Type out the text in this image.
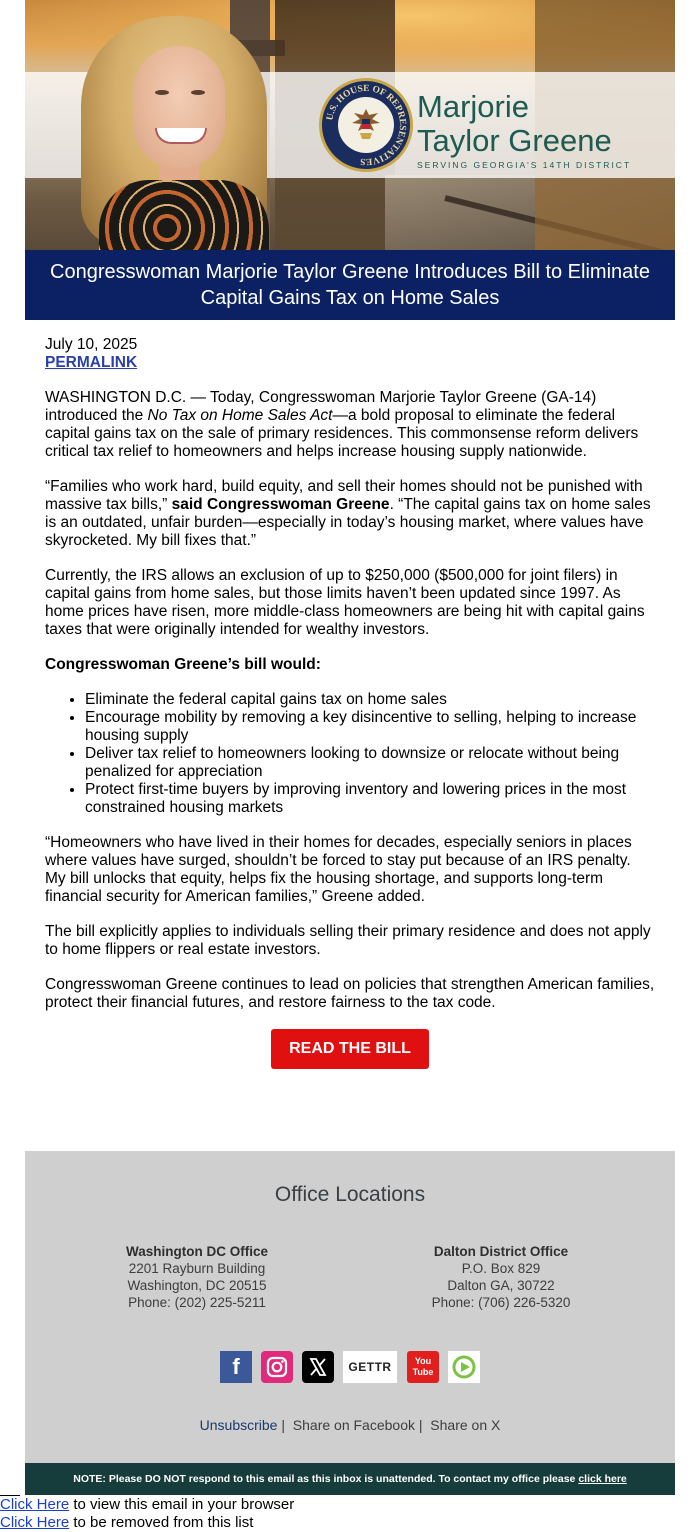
U.S. HOUSE OF REPRESENTATIVES
Marjorie
Taylor Greene
SERVING GEORGIA'S 14TH DISTRICT
Congresswoman Marjorie Taylor Greene Introduces Bill to Eliminate Capital Gains Tax on Home Sales
July 10, 2025
PERMALINK

WASHINGTON D.C. — Today, Congresswoman Marjorie Taylor Greene (GA-14) introduced the No Tax on Home Sales Act—a bold proposal to eliminate the federal capital gains tax on the sale of primary residences. This commonsense reform delivers critical tax relief to homeowners and helps increase housing supply nationwide.

“Families who work hard, build equity, and sell their homes should not be punished with massive tax bills,” said Congresswoman Greene. “The capital gains tax on home sales is an outdated, unfair burden—especially in today’s housing market, where values have skyrocketed. My bill fixes that.”

Currently, the IRS allows an exclusion of up to $250,000 ($500,000 for joint filers) in capital gains from home sales, but those limits haven’t been updated since 1997. As home prices have risen, more middle-class homeowners are being hit with capital gains taxes that were originally intended for wealthy investors.

Congresswoman Greene’s bill would:

• Eliminate the federal capital gains tax on home sales
• Encourage mobility by removing a key disincentive to selling, helping to increase housing supply
• Deliver tax relief to homeowners looking to downsize or relocate without being penalized for appreciation
• Protect first-time buyers by improving inventory and lowering prices in the most constrained housing markets

“Homeowners who have lived in their homes for decades, especially seniors in places where values have surged, shouldn’t be forced to stay put because of an IRS penalty. My bill unlocks that equity, helps fix the housing shortage, and supports long-term financial security for American families,” Greene added.

The bill explicitly applies to individuals selling their primary residence and does not apply to home flippers or real estate investors.

Congresswoman Greene continues to lead on policies that strengthen American families, protect their financial futures, and restore fairness to the tax code.

READ THE BILL
Office Locations
Washington DC Office
2201 Rayburn Building
Washington, DC 20515
Phone: (202) 225-5211
Dalton District Office
P.O. Box 829
Dalton GA, 30722
Phone: (706) 226-5320
f	GETTR	You
Tube
Unsubscribe | Share on Facebook | Share on X
NOTE: Please DO NOT respond to this email as this inbox is unattended. To contact my office please click here
Click Here to view this email in your browser
Click Here to be removed from this list
